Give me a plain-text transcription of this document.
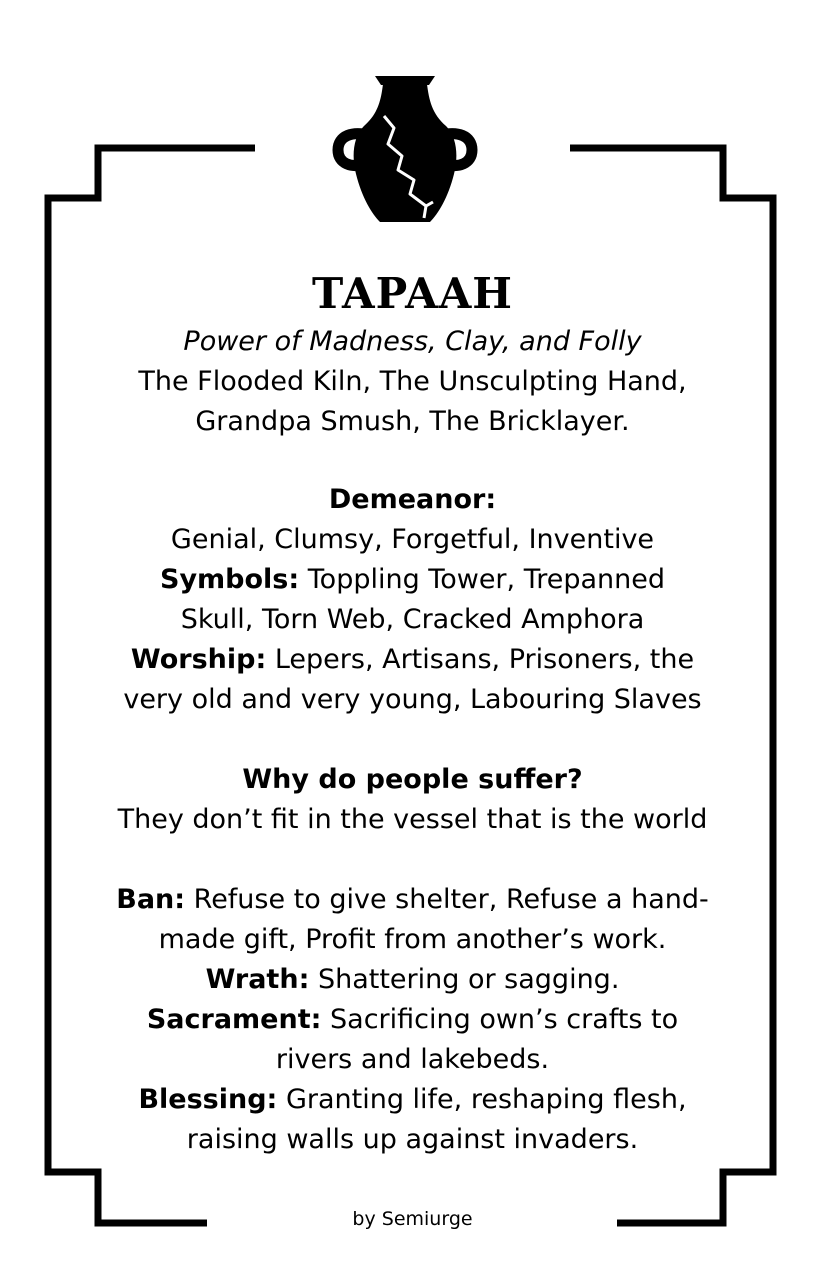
TAPAAH
Power of Madness, Clay, and Folly
The Flooded Kiln, The Unsculpting Hand,
Grandpa Smush, The Bricklayer.
Demeanor:
Genial, Clumsy, Forgetful, Inventive
Symbols: Toppling Tower, Trepanned
Skull, Torn Web, Cracked Amphora
Worship: Lepers, Artisans, Prisoners, the
very old and very young, Labouring Slaves
Why do people suffer?
They don’t fit in the vessel that is the world
Ban: Refuse to give shelter, Refuse a hand-
made gift, Profit from another’s work.
Wrath: Shattering or sagging.
Sacrament: Sacrificing own’s crafts to
rivers and lakebeds.
Blessing: Granting life, reshaping flesh,
raising walls up against invaders.
by Semiurge
